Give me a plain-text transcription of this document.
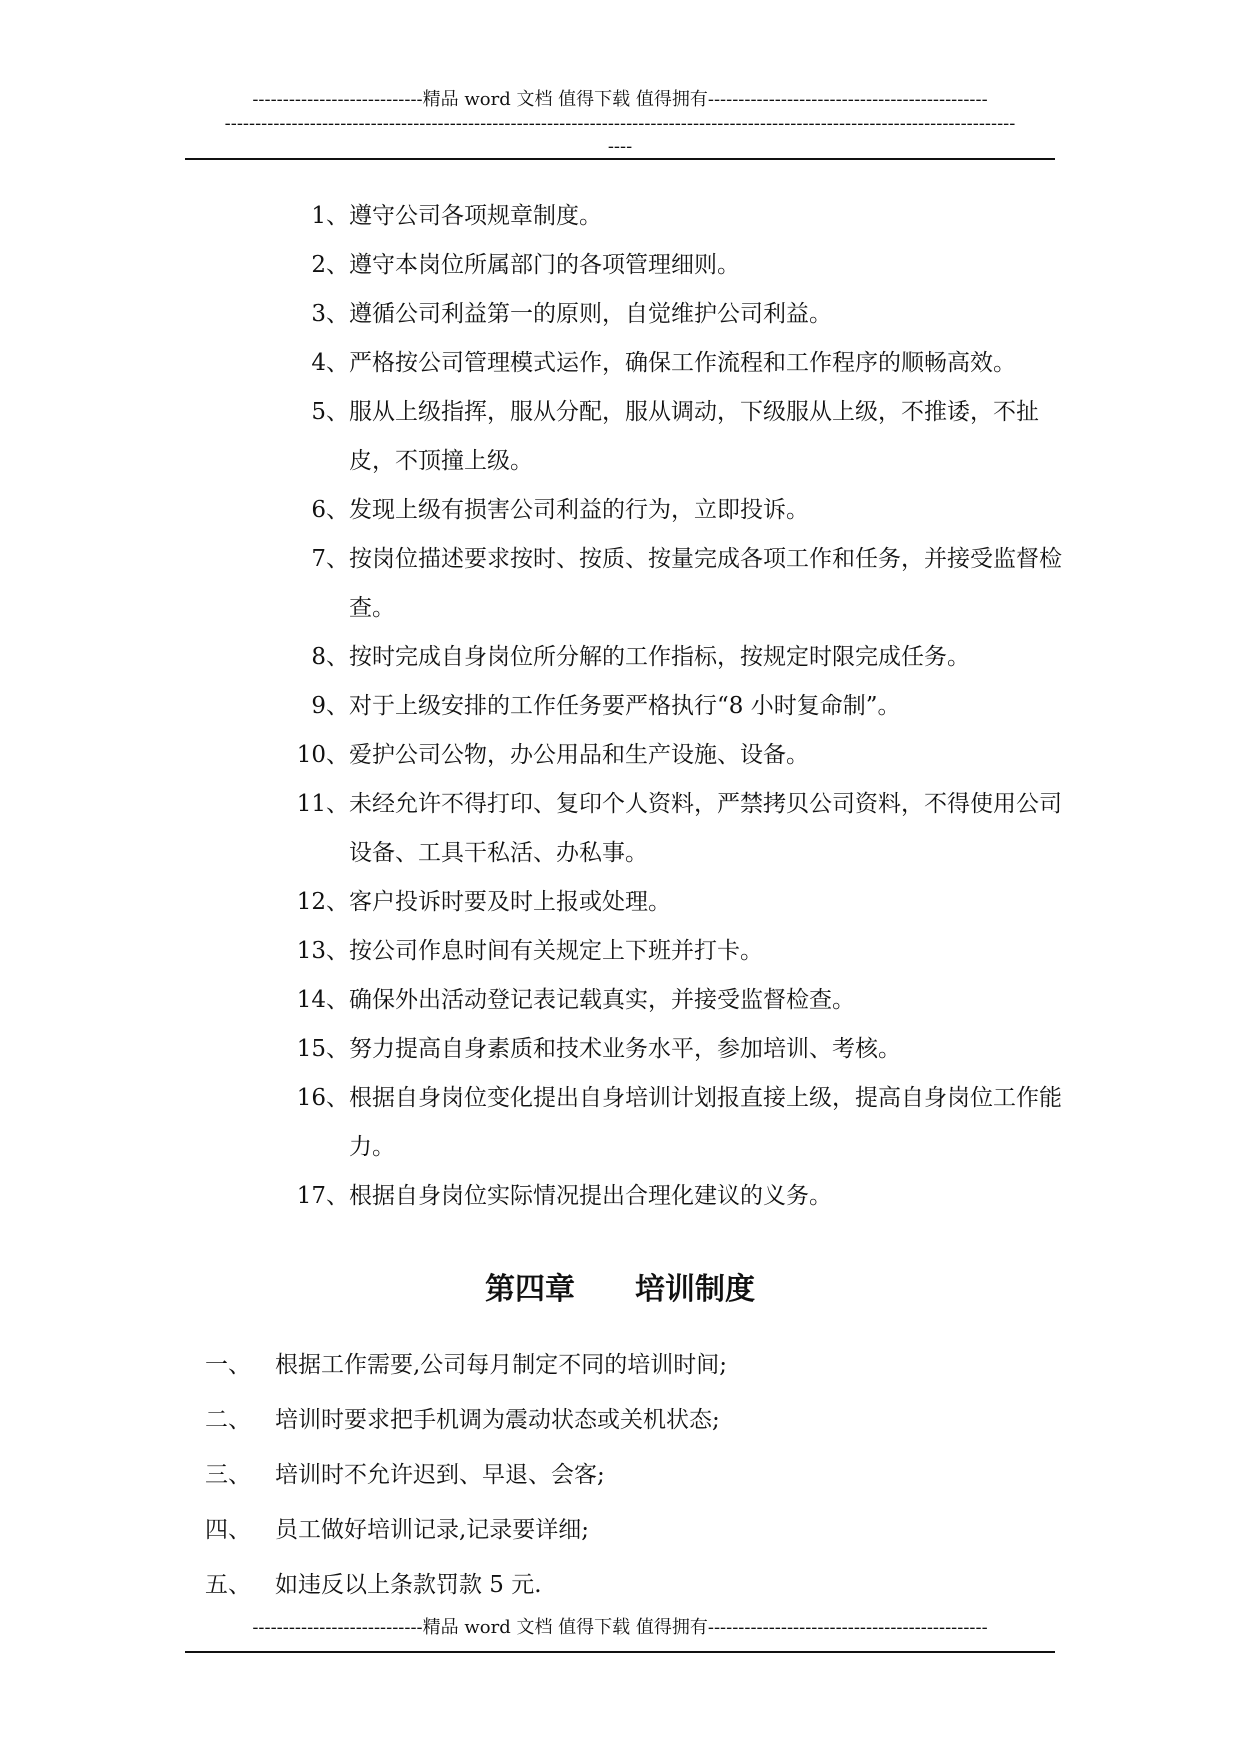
----------------------------精品 word 文档 值得下载 值得拥有----------------------------------------------
----------------------------------------------------------------------------------------------------------------------------------
----
1 、 遵守公司各项规章制度。
2 、 遵守本岗位所属部门的各项管理细则。
3 、 遵循公司利益第一的原则，自觉维护公司利益。
4 、 严格按公司管理模式运作，确保工作流程和工作程序的顺畅高效。
5 、 服从上级指挥，服从分配，服从调动，下级服从上级，不推诿，不扯皮，不顶撞上级。
6 、 发现上级有损害公司利益的行为，立即投诉。
7 、 按岗位描述要求按时、按质、按量完成各项工作和任务，并接受监督检查。
8 、 按时完成自身岗位所分解的工作指标，按规定时限完成任务。
9 、 对于上级安排的工作任务要严格执行“8 小时复命制”。
10 、 爱护公司公物，办公用品和生产设施、设备。
11 、 未经允许不得打印、复印个人资料，严禁拷贝公司资料，不得使用公司设备、工具干私活、办私事。
12 、 客户投诉时要及时上报或处理。
13 、 按公司作息时间有关规定上下班并打卡。
14 、 确保外出活动登记表记载真实，并接受监督检查。
15 、 努力提高自身素质和技术业务水平，参加培训、考核。
16 、 根据自身岗位变化提出自身培训计划报直接上级，提高自身岗位工作能力。
17 、 根据自身岗位实际情况提出合理化建议的义务。
第四章 培训制度
一、	根据工作需要,公司每月制定不同的培训时间;
二、	培训时要求把手机调为震动状态或关机状态;
三、	培训时不允许迟到、早退、会客;
四、	员工做好培训记录,记录要详细;
五、	如违反以上条款罚款 5 元.
----------------------------精品 word 文档 值得下载 值得拥有----------------------------------------------
